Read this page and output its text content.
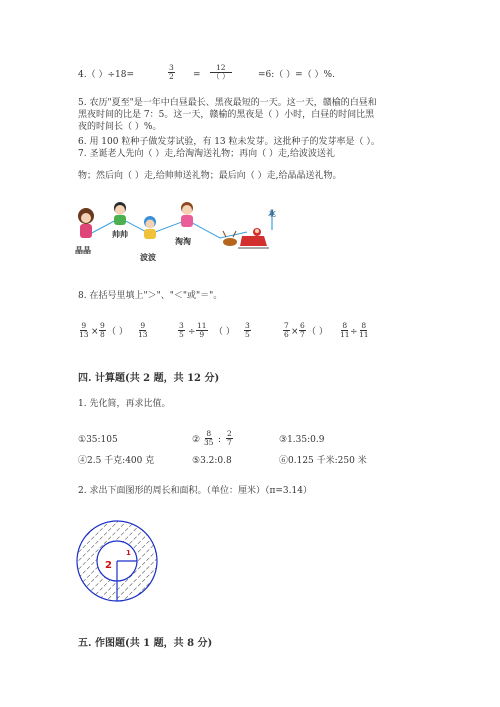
4.（ ）÷18=	$\frac{3}{2}$ =
12
（ ）	=6:（ ）=（ ）%.
5. 农历"夏至"是一年中白昼最长、黑夜最短的一天。这一天，赣榆的白昼和
黑夜时间的比是 7：5。这一天，赣榆的黑夜是（ ）小时，白昼的时间比黑
夜的时间长（ ）%。
6. 用 100 粒种子做发芽试验，有 13 粒未发芽。这批种子的发芽率是（ ）。
7. 圣诞老人先向（ ）走,给淘淘送礼物；再向（ ）走,给波波送礼
物；然后向（ ）走,给帅帅送礼物；最后向（ ）走,给晶晶送礼物。
北
晶晶
帅帅
波波
淘淘
8. 在括号里填上"＞"、"＜"或"＝"。
$\frac{9}{13} \times \frac{9}{8}$ （ ） $\frac{9}{13}$	$\frac{3}{5} \div \frac{11}{9}$ （ ） $\frac{3}{5}$	$\frac{7}{6} \times \frac{6}{7}$ （ ） $\frac{8}{11} \div \frac{8}{11}$
四. 计算题(共 2 题，共 12 分)
1. 先化简，再求比值。
①35:105	② $\frac{8}{35}$ : $\frac{2}{7}$	③1.35:0.9
④2.5 千克:400 克	⑤3.2:0.8	⑥0.125 千米:250 米
2. 求出下面图形的周长和面积。（单位：厘米）（π=3.14）
2
1
五. 作图题(共 1 题，共 8 分)
